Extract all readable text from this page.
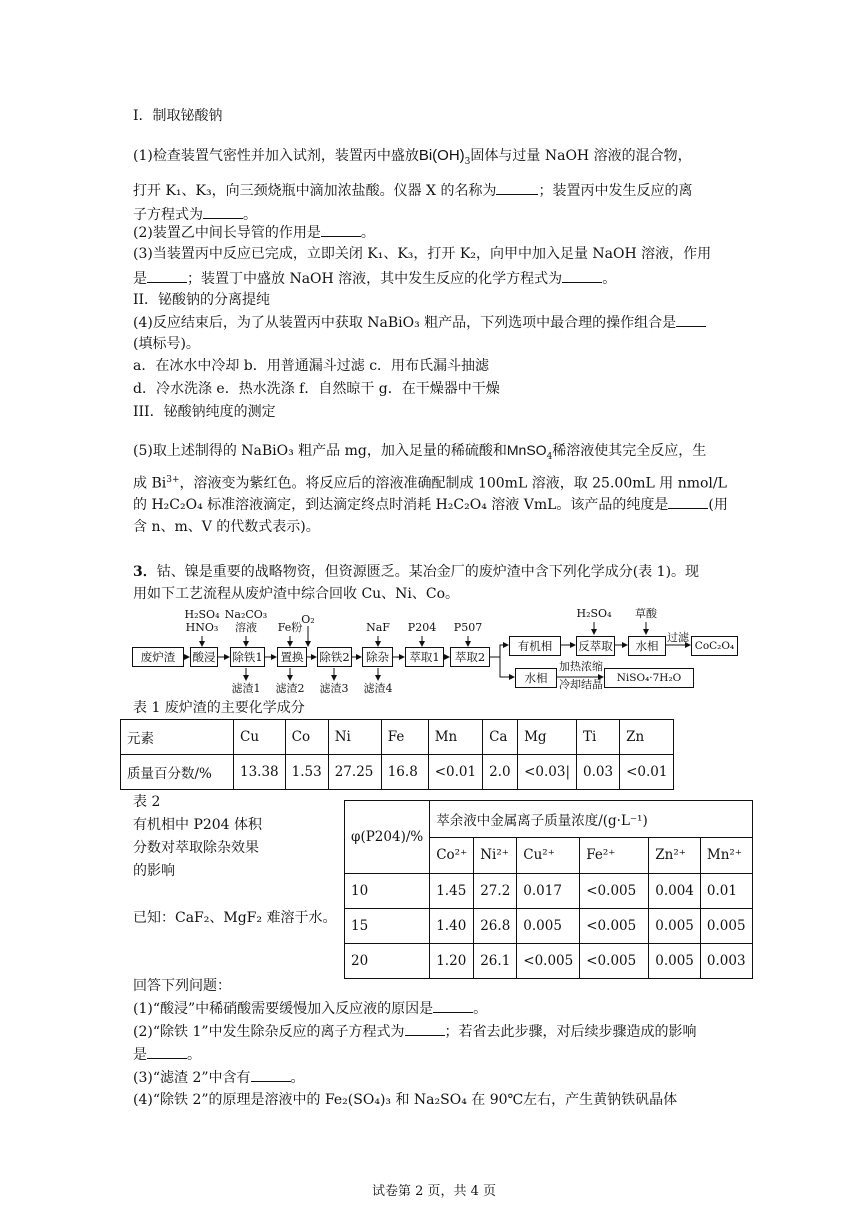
I．制取铋酸钠
(1)检查装置气密性并加入试剂，装置丙中盛放$Bi(OH)_3$固体与过量 NaOH 溶液的混合物，
打开 K₁、K₃，向三颈烧瓶中滴加浓盐酸。仪器 X 的名称为	；装置丙中发生反应的离
子方程式为	。
(2)装置乙中间长导管的作用是	。
(3)当装置丙中反应已完成，立即关闭 K₁、K₃，打开 K₂，向甲中加入足量 NaOH 溶液，作用
是	；装置丁中盛放 NaOH 溶液，其中发生反应的化学方程式为	。
II．铋酸钠的分离提纯
(4)反应结束后，为了从装置丙中获取 NaBiO₃ 粗产品，下列选项中最合理的操作组合是
(填标号)。
a．在冰水中冷却 b．用普通漏斗过滤 c．用布氏漏斗抽滤
d．冷水洗涤 e．热水洗涤 f．自然晾干 g．在干燥器中干燥
III．铋酸钠纯度的测定
(5)取上述制得的 NaBiO₃ 粗产品 mg，加入足量的稀硫酸和MnSO$_4$稀溶液使其完全反应，生
成 $Bi^{3+}$，溶液变为紫红色。将反应后的溶液准确配制成 100mL 溶液，取 25.00mL 用 nmol/L
的 H₂C₂O₄ 标准溶液滴定，到达滴定终点时消耗 H₂C₂O₄ 溶液 VmL。该产品的纯度是	(用
含 n、m、V 的代数式表示)。
3．钴、镍是重要的战略物资，但资源匮乏。某冶金厂的废炉渣中含下列化学成分(表 1)。现
用如下工艺流程从废炉渣中综合回收 Cu、Ni、Co。
废炉渣	酸浸 除铁1	置换	除铁2	除杂	萃取1	萃取2
有机相	反萃取	水相	CoC₂O₄
水相	NiSO₄·7H₂O
H₂SO₄
HNO₃
Na₂CO₃
溶液	Fe粉
O₂
NaF	P204	P507
H₂SO₄	草酸
过滤
加热浓缩
冷却结晶
滤渣1	滤渣2	滤渣3	滤渣4
表 1 废炉渣的主要化学成分
元素	Cu	Co	Ni	Fe	Mn	Ca	Mg	Ti	Zn
质量百分数/%	13.38	1.53	27.25	16.8	<0.01	2.0	<0.03|	0.03	<0.01
表 2
有机相中 P204 体积
分数对萃取除杂效果
的影响
已知：CaF₂、MgF₂ 难溶于水。
φ(P204)/%	萃余液中金属离子质量浓度/(g·L⁻¹)					
	Co²⁺	Ni²⁺	Cu²⁺	Fe²⁺	Zn²⁺	Mn²⁺
10	1.45	27.2	0.017	<0.005	0.004	0.01
15	1.40	26.8	0.005	<0.005	0.005	0.005
20	1.20	26.1	<0.005	<0.005	0.005	0.003
回答下列问题：
(1)“酸浸”中稀硝酸需要缓慢加入反应液的原因是	。
(2)“除铁 1”中发生除杂反应的离子方程式为	；若省去此步骤，对后续步骤造成的影响
是	。
(3)“滤渣 2”中含有	。
(4)“除铁 2”的原理是溶液中的 Fe₂(SO₄)₃ 和 Na₂SO₄ 在 90℃左右，产生黄钠铁矾晶体
试卷第 2 页，共 4 页
